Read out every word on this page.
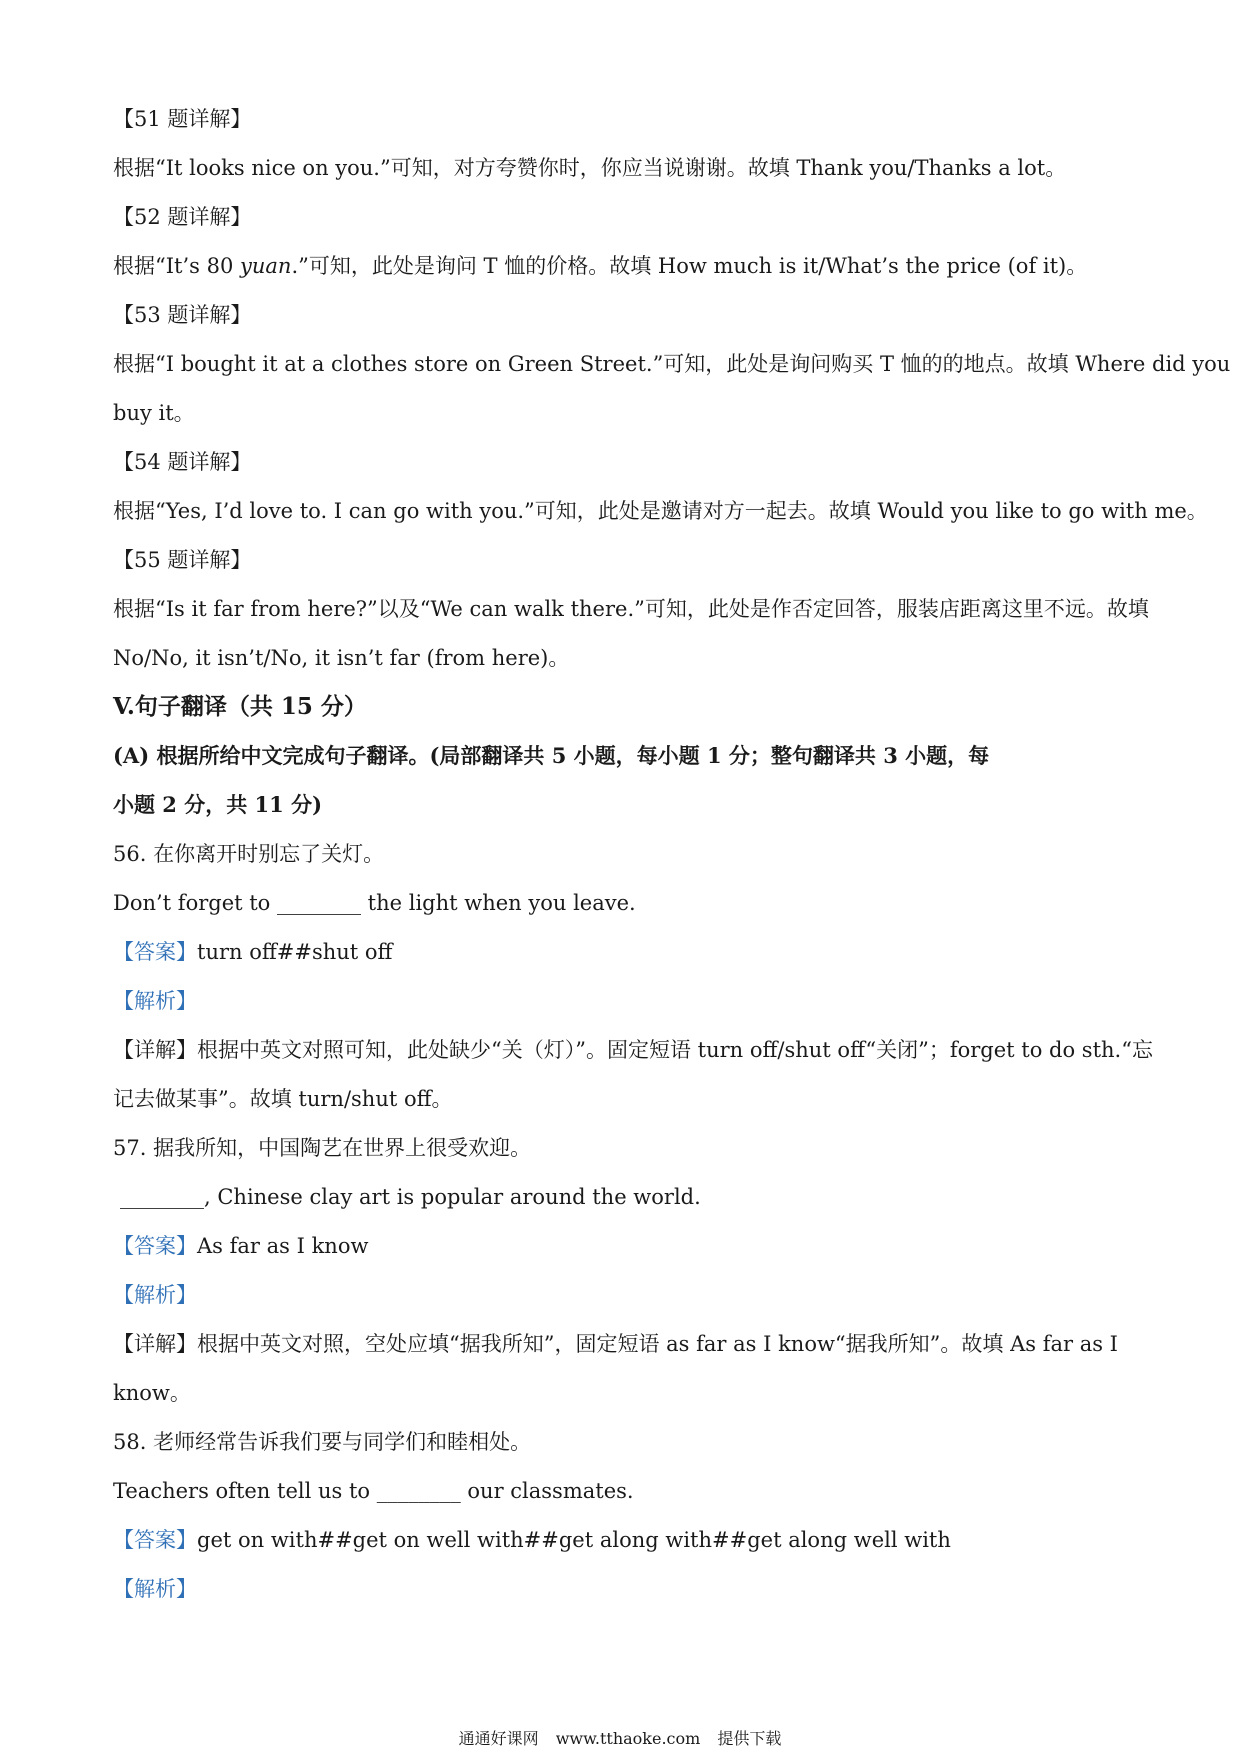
【51 题详解】
根据“It looks nice on you.”可知，对方夸赞你时，你应当说谢谢。故填 Thank you/Thanks a lot。
【52 题详解】
根据“It’s 80 yuan.”可知，此处是询问 T 恤的价格。故填 How much is it/What’s the price (of it)。
【53 题详解】
根据“I bought it at a clothes store on Green Street.”可知，此处是询问购买 T 恤的的地点。故填 Where did you
buy it。
【54 题详解】
根据“Yes, I’d love to. I can go with you.”可知，此处是邀请对方一起去。故填 Would you like to go with me。
【55 题详解】
根据“Is it far from here?”以及“We can walk there.”可知，此处是作否定回答，服装店距离这里不远。故填
No/No, it isn’t/No, it isn’t far (from here)。
V.句子翻译（共 15 分）
(A) 根据所给中文完成句子翻译。(局部翻译共 5 小题，每小题 1 分；整句翻译共 3 小题，每
小题 2 分，共 11 分)
56. 在你离开时别忘了关灯。
Don’t forget to ________ the light when you leave.
【答案】turn off##shut off
【解析】
【详解】根据中英文对照可知，此处缺少“关（灯）”。固定短语 turn off/shut off“关闭”；forget to do sth.“忘
记去做某事”。故填 turn/shut off。
57. 据我所知，中国陶艺在世界上很受欢迎。
________, Chinese clay art is popular around the world.
【答案】As far as I know
【解析】
【详解】根据中英文对照，空处应填“据我所知”，固定短语 as far as I know“据我所知”。故填 As far as I
know。
58. 老师经常告诉我们要与同学们和睦相处。
Teachers often tell us to ________ our classmates.
【答案】get on with##get on well with##get along with##get along well with
【解析】
通通好课网 www.tthaoke.com 提供下载
